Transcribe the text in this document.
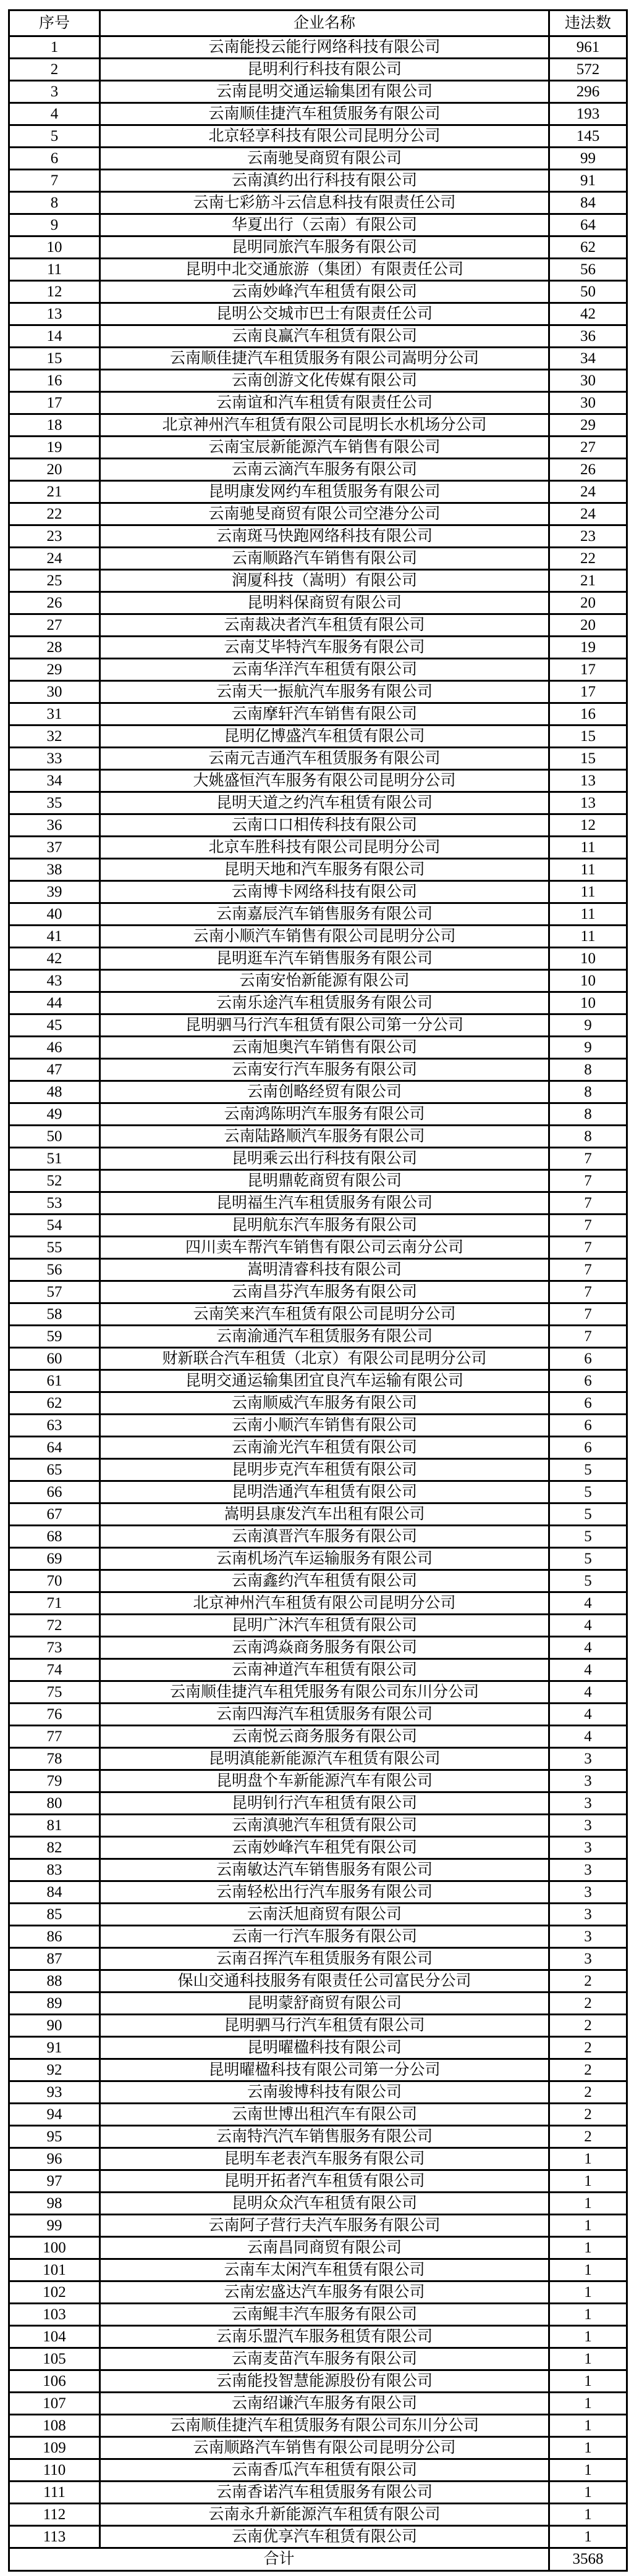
序号	企业名称	违法数
1	云南能投云能行网络科技有限公司	961
2	昆明利行科技有限公司	572
3	云南昆明交通运输集团有限公司	296
4	云南顺佳捷汽车租赁服务有限公司	193
5	北京轻享科技有限公司昆明分公司	145
6	云南驰旻商贸有限公司	99
7	云南滇约出行科技有限公司	91
8	云南七彩筋斗云信息科技有限责任公司	84
9	华夏出行（云南）有限公司	64
10	昆明同旅汽车服务有限公司	62
11	昆明中北交通旅游（集团）有限责任公司	56
12	云南妙峰汽车租赁有限公司	50
13	昆明公交城市巴士有限责任公司	42
14	云南良赢汽车租赁有限公司	36
15	云南顺佳捷汽车租赁服务有限公司嵩明分公司	34
16	云南创游文化传媒有限公司	30
17	云南谊和汽车租赁有限责任公司	30
18	北京神州汽车租赁有限公司昆明长水机场分公司	29
19	云南宝辰新能源汽车销售有限公司	27
20	云南云滴汽车服务有限公司	26
21	昆明康发网约车租赁服务有限公司	24
22	云南驰旻商贸有限公司空港分公司	24
23	云南斑马快跑网络科技有限公司	23
24	云南顺路汽车销售有限公司	22
25	润厦科技（嵩明）有限公司	21
26	昆明料保商贸有限公司	20
27	云南裁决者汽车租赁有限公司	20
28	云南艾毕特汽车服务有限公司	19
29	云南华洋汽车租赁有限公司	17
30	云南天一振航汽车服务有限公司	17
31	云南摩轩汽车销售有限公司	16
32	昆明亿博盛汽车租赁有限公司	15
33	云南元吉通汽车租赁服务有限公司	15
34	大姚盛恒汽车服务有限公司昆明分公司	13
35	昆明天道之约汽车租赁有限公司	13
36	云南口口相传科技有限公司	12
37	北京车胜科技有限公司昆明分公司	11
38	昆明天地和汽车服务有限公司	11
39	云南博卡网络科技有限公司	11
40	云南嘉辰汽车销售服务有限公司	11
41	云南小顺汽车销售有限公司昆明分公司	11
42	昆明逛车汽车销售服务有限公司	10
43	云南安怡新能源有限公司	10
44	云南乐途汽车租赁服务有限公司	10
45	昆明驷马行汽车租赁有限公司第一分公司	9
46	云南旭奥汽车销售有限公司	9
47	云南安行汽车服务有限公司	8
48	云南创略经贸有限公司	8
49	云南鸿陈明汽车服务有限公司	8
50	云南陆路顺汽车服务有限公司	8
51	昆明乘云出行科技有限公司	7
52	昆明鼎乾商贸有限公司	7
53	昆明福生汽车租赁服务有限公司	7
54	昆明航东汽车服务有限公司	7
55	四川卖车帮汽车销售有限公司云南分公司	7
56	嵩明清睿科技有限公司	7
57	云南昌芬汽车服务有限公司	7
58	云南笑来汽车租赁有限公司昆明分公司	7
59	云南渝通汽车租赁服务有限公司	7
60	财新联合汽车租赁（北京）有限公司昆明分公司	6
61	昆明交通运输集团宜良汽车运输有限公司	6
62	云南顺威汽车服务有限公司	6
63	云南小顺汽车销售有限公司	6
64	云南渝光汽车租赁有限公司	6
65	昆明步克汽车租赁有限公司	5
66	昆明浩通汽车租赁有限公司	5
67	嵩明县康发汽车出租有限公司	5
68	云南滇晋汽车服务有限公司	5
69	云南机场汽车运输服务有限公司	5
70	云南鑫约汽车租赁有限公司	5
71	北京神州汽车租赁有限公司昆明分公司	4
72	昆明广沐汽车租赁有限公司	4
73	云南鸿焱商务服务有限公司	4
74	云南神道汽车租赁有限公司	4
75	云南顺佳捷汽车租凭服务有限公司东川分公司	4
76	云南四海汽车租赁服务有限公司	4
77	云南悦云商务服务有限公司	4
78	昆明滇能新能源汽车租赁有限公司	3
79	昆明盘个车新能源汽车有限公司	3
80	昆明钊行汽车租赁有限公司	3
81	云南滇驰汽车租赁有限公司	3
82	云南妙峰汽车租凭有限公司	3
83	云南敏达汽车销售服务有限公司	3
84	云南轻松出行汽车服务有限公司	3
85	云南沃旭商贸有限公司	3
86	云南一行汽车服务有限公司	3
87	云南召挥汽车租赁服务有限公司	3
88	保山交通科技服务有限责任公司富民分公司	2
89	昆明蒙舒商贸有限公司	2
90	昆明驷马行汽车租赁有限公司	2
91	昆明曜楹科技有限公司	2
92	昆明曜楹科技有限公司第一分公司	2
93	云南骏博科技有限公司	2
94	云南世博出租汽车有限公司	2
95	云南特汽汽车销售服务有限公司	2
96	昆明车老表汽车服务有限公司	1
97	昆明开拓者汽车租赁有限公司	1
98	昆明众众汽车租赁有限公司	1
99	云南阿子营行夫汽车服务有限公司	1
100	云南昌同商贸有限公司	1
101	云南车太闲汽车租赁有限公司	1
102	云南宏盛达汽车服务有限公司	1
103	云南鲲丰汽车服务有限公司	1
104	云南乐盟汽车服务租赁有限公司	1
105	云南麦苗汽车服务有限公司	1
106	云南能投智慧能源股份有限公司	1
107	云南绍谦汽车服务有限公司	1
108	云南顺佳捷汽车租赁服务有限公司东川分公司	1
109	云南顺路汽车销售有限公司昆明分公司	1
110	云南香瓜汽车租赁有限公司	1
111	云南香诺汽车租赁服务有限公司	1
112	云南永升新能源汽车租赁有限公司	1
113	云南优享汽车租赁有限公司	1
合计		3568
